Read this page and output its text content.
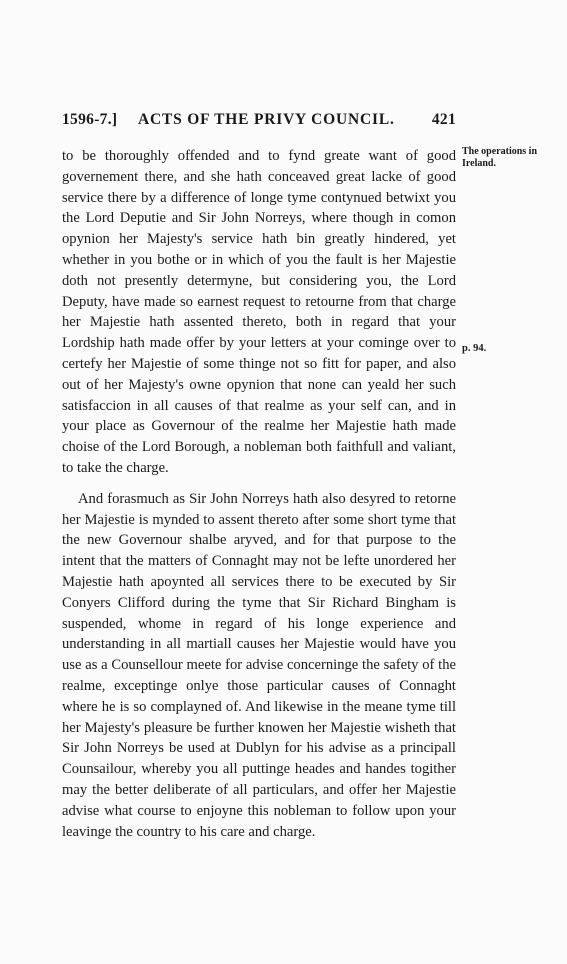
1596-7.] ACTS OF THE PRIVY COUNCIL. 421
The operations in Ireland.
p. 94.

to be thoroughly offended and to fynd greate want of good governement there, and she hath conceaved great lacke of good service there by a difference of longe tyme contynued betwixt you the Lord Deputie and Sir John Norreys, where though in comon opynion her Majesty's service hath bin greatly hindered, yet whether in you bothe or in which of you the fault is her Majestie doth not presently determyne, but considering you, the Lord Deputy, have made so earnest request to retourne from that charge her Majestie hath assented thereto, both in regard that your Lordship hath made offer by your letters at your cominge over to certefy her Majestie of some thinge not so fitt for paper, and also out of her Majesty's owne opynion that none can yeald her such satisfaccion in all causes of that realme as your self can, and in your place as Governour of the realme her Majestie hath made choise of the Lord Borough, a nobleman both faithfull and valiant, to take the charge.

And forasmuch as Sir John Norreys hath also desyred to retorne her Majestie is mynded to assent thereto after some short tyme that the new Governour shalbe aryved, and for that purpose to the intent that the matters of Connaght may not be lefte unordered her Majestie hath apoynted all services there to be executed by Sir Conyers Clifford during the tyme that Sir Richard Bingham is suspended, whome in regard of his longe experience and understanding in all martiall causes her Majestie would have you use as a Counsellour meete for advise concerninge the safety of the realme, exceptinge onlye those particular causes of Connaght where he is so complayned of. And likewise in the meane tyme till her Majesty's pleasure be further knowen her Majestie wisheth that Sir John Norreys be used at Dublyn for his advise as a principall Counsailour, whereby you all puttinge heades and handes togither may the better deliberate of all particulars, and offer her Majestie advise what course to enjoyne this nobleman to follow upon your leavinge the country to his care and charge.
